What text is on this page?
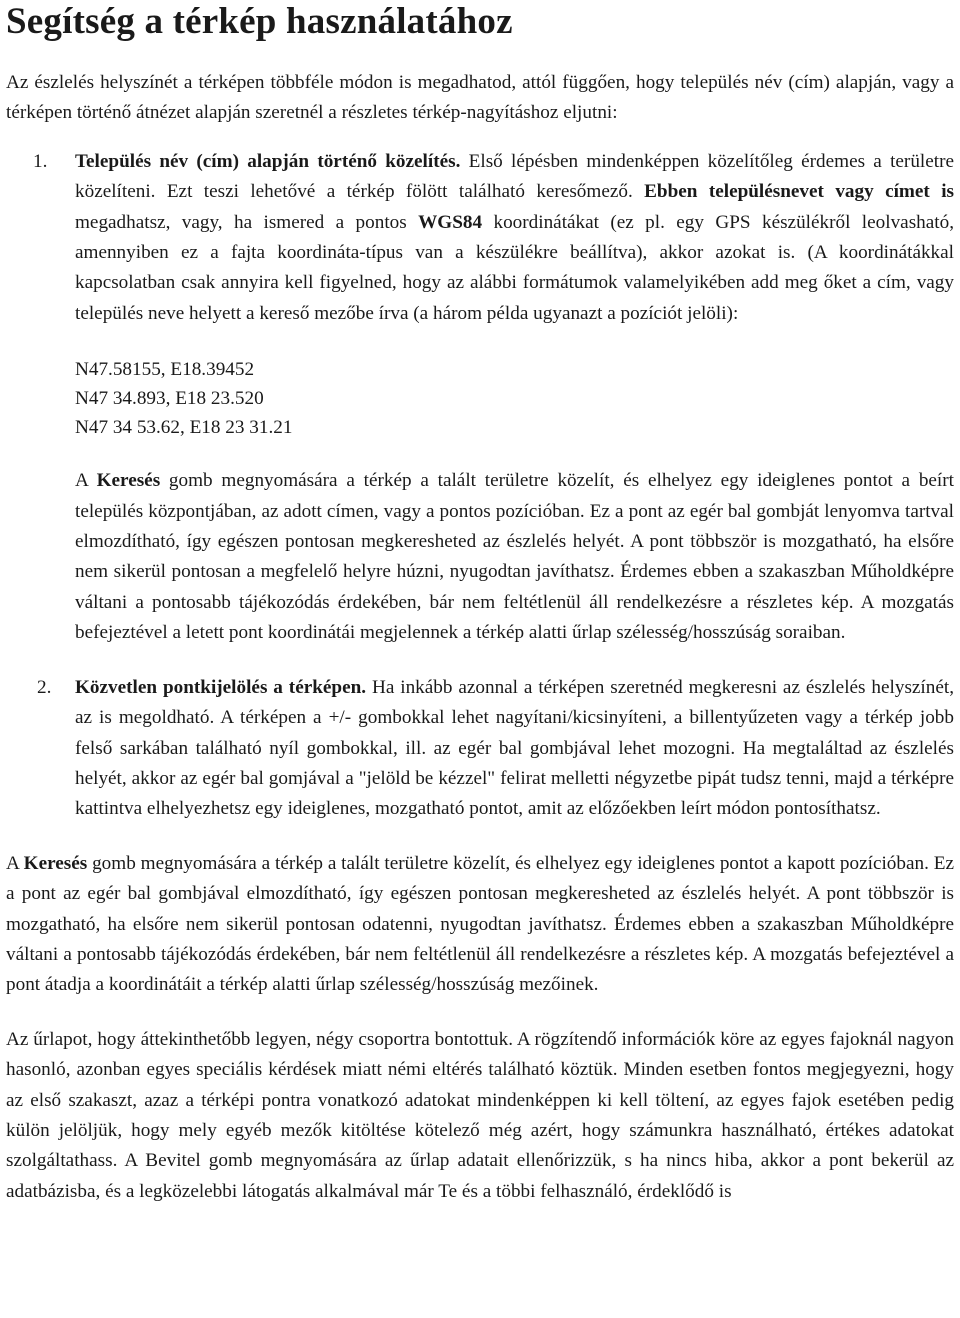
Segítség a térkép használatához

Az észlelés helyszínét a térképen többféle módon is megadhatod, attól függően, hogy település név (cím) alapján, vagy a térképen történő átnézet alapján szeretnél a részletes térkép-nagyításhoz eljutni:

1. Település név (cím) alapján történő közelítés. Első lépésben mindenképpen közelítőleg érdemes a területre közelíteni. Ezt teszi lehetővé a térkép fölött található keresőmező. Ebben településnevet vagy címet is megadhatsz, vagy, ha ismered a pontos WGS84 koordinátákat (ez pl. egy GPS készülékről leolvasható, amennyiben ez a fajta koordináta-típus van a készülékre beállítva), akkor azokat is. (A koordinátákkal kapcsolatban csak annyira kell figyelned, hogy az alábbi formátumok valamelyikében add meg őket a cím, vagy település neve helyett a kereső mezőbe írva (a három példa ugyanazt a pozíciót jelöli):

N47.58155, E18.39452
N47 34.893, E18 23.520
N47 34 53.62, E18 23 31.21

A Keresés gomb megnyomására a térkép a talált területre közelít, és elhelyez egy ideiglenes pontot a beírt település központjában, az adott címen, vagy a pontos pozícióban. Ez a pont az egér bal gombját lenyomva tartval elmozdítható, így egészen pontosan megkeresheted az észlelés helyét. A pont többször is mozgatható, ha elsőre nem sikerül pontosan a megfelelő helyre húzni, nyugodtan javíthatsz. Érdemes ebben a szakaszban Műholdképre váltani a pontosabb tájékozódás érdekében, bár nem feltétlenül áll rendelkezésre a részletes kép. A mozgatás befejeztével a letett pont koordinátái megjelennek a térkép alatti űrlap szélesség/hosszúság soraiban.

2. Közvetlen pontkijelölés a térképen. Ha inkább azonnal a térképen szeretnéd megkeresni az észlelés helyszínét, az is megoldható. A térképen a +/- gombokkal lehet nagyítani/kicsinyíteni, a billentyűzeten vagy a térkép jobb felső sarkában található nyíl gombokkal, ill. az egér bal gombjával lehet mozogni. Ha megtaláltad az észlelés helyét, akkor az egér bal gomjával a "jelöld be kézzel" felirat melletti négyzetbe pipát tudsz tenni, majd a térképre kattintva elhelyezhetsz egy ideiglenes, mozgatható pontot, amit az előzőekben leírt módon pontosíthatsz.

A Keresés gomb megnyomására a térkép a talált területre közelít, és elhelyez egy ideiglenes pontot a kapott pozícióban. Ez a pont az egér bal gombjával elmozdítható, így egészen pontosan megkeresheted az észlelés helyét. A pont többször is mozgatható, ha elsőre nem sikerül pontosan odatenni, nyugodtan javíthatsz. Érdemes ebben a szakaszban Műholdképre váltani a pontosabb tájékozódás érdekében, bár nem feltétlenül áll rendelkezésre a részletes kép. A mozgatás befejeztével a pont átadja a koordinátáit a térkép alatti űrlap szélesség/hosszúság mezőinek.

Az űrlapot, hogy áttekinthetőbb legyen, négy csoportra bontottuk. A rögzítendő információk köre az egyes fajoknál nagyon hasonló, azonban egyes speciális kérdések miatt némi eltérés található köztük. Minden esetben fontos megjegyezni, hogy az első szakaszt, azaz a térképi pontra vonatkozó adatokat mindenképpen ki kell töltení, az egyes fajok esetében pedig külön jelöljük, hogy mely egyéb mezők kitöltése kötelező még azért, hogy számunkra használható, értékes adatokat szolgáltathass. A Bevitel gomb megnyomására az űrlap adatait ellenőrizzük, s ha nincs hiba, akkor a pont bekerül az adatbázisba, és a legközelebbi látogatás alkalmával már Te és a többi felhasználó, érdeklődő is
